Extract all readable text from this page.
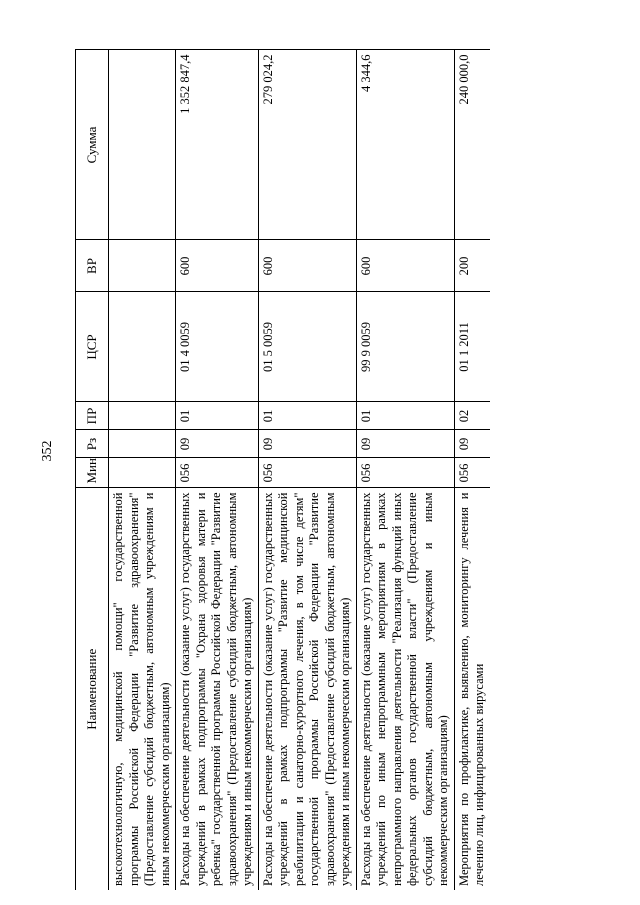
352
Наименование	Мин	Рз	ПР	ЦСР	ВР	Сумма
высокотехнологичную, медицинской помощи" государственной программы Российской Федерации "Развитие здравоохранения" (Предоставление субсидий бюджетным, автономным учреждениям и иным некоммерческим организациям)						
Расходы на обеспечение деятельности (оказание услуг) государственных учреждений в рамках подпрограммы "Охрана здоровья матери и ребенка" государственной программы Российской Федерации "Развитие здравоохранения" (Предоставление субсидий бюджетным, автономным учреждениям и иным некоммерческим организациям)	056	09	01	01 4 0059	600	1 352 847,4
Расходы на обеспечение деятельности (оказание услуг) государственных учреждений в рамках подпрограммы "Развитие медицинской реабилитации и санаторно-курортного лечения, в том числе детям" государственной программы Российской Федерации "Развитие здравоохранения" (Предоставление субсидий бюджетным, автономным учреждениям и иным некоммерческим организациям)	056	09	01	01 5 0059	600	279 024,2
Расходы на обеспечение деятельности (оказание услуг) государственных учреждений по иным непрограммным мероприятиям в рамках непрограммного направления деятельности "Реализация функций иных федеральных органов государственной власти" (Предоставление субсидий бюджетным, автономным учреждениям и иным некоммерческим организациям)	056	09	01	99 9 0059	600	4 344,6
Мероприятия по профилактике, выявлению, мониторингу лечения и лечению лиц, инфицированных вирусами	056	09	02	01 1 2011	200	240 000,0
